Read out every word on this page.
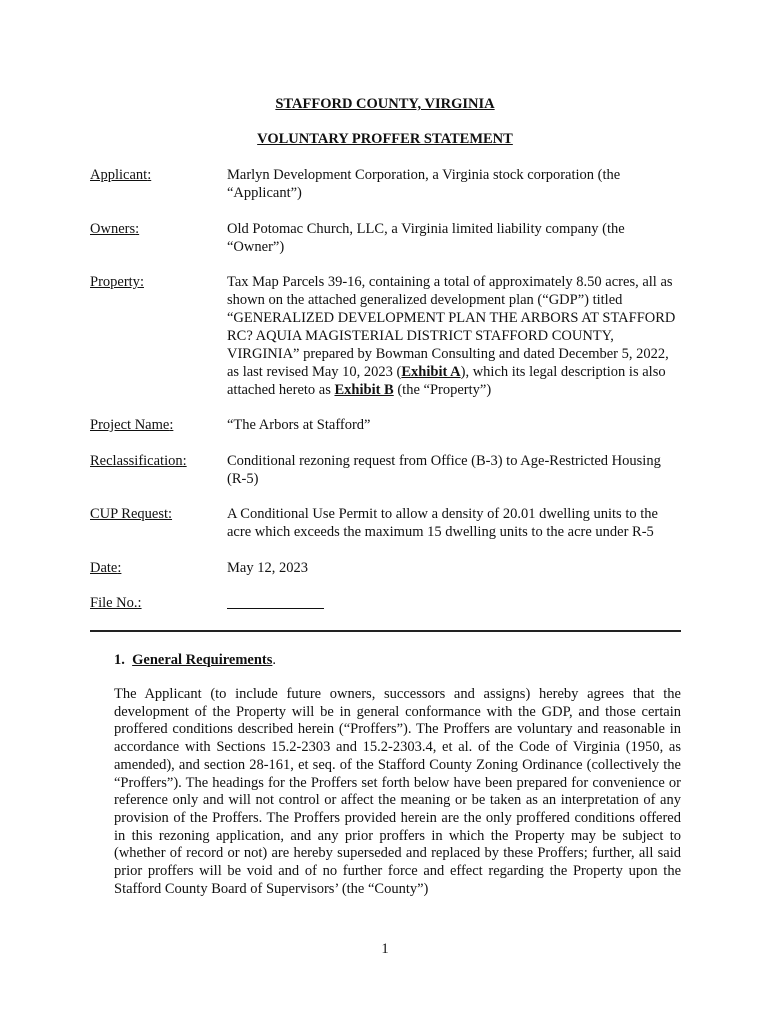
STAFFORD COUNTY, VIRGINIA
VOLUNTARY PROFFER STATEMENT
Applicant:	Marlyn Development Corporation, a Virginia stock corporation (the “Applicant”)
Owners:	Old Potomac Church, LLC, a Virginia limited liability company (the “Owner”)
Property:	Tax Map Parcels 39-16, containing a total of approximately 8.50 acres, all as shown on the attached generalized development plan (“GDP”) titled “GENERALIZED DEVELOPMENT PLAN THE ARBORS AT STAFFORD RC? AQUIA MAGISTERIAL DISTRICT STAFFORD COUNTY, VIRGINIA” prepared by Bowman Consulting and dated December 5, 2022, as last revised May 10, 2023 (Exhibit A), which its legal description is also attached hereto as Exhibit B (the “Property”)
Project Name:	“The Arbors at Stafford”
Reclassification:	Conditional rezoning request from Office (B-3) to Age-Restricted Housing (R-5)
CUP Request:	A Conditional Use Permit to allow a density of 20.01 dwelling units to the acre which exceeds the maximum 15 dwelling units to the acre under R-5
Date:	May 12, 2023
File No.:
1. General Requirements.
The Applicant (to include future owners, successors and assigns) hereby agrees that the development of the Property will be in general conformance with the GDP, and those certain proffered conditions described herein (“Proffers”). The Proffers are voluntary and reasonable in accordance with Sections 15.2-2303 and 15.2-2303.4, et al. of the Code of Virginia (1950, as amended), and section 28-161, et seq. of the Stafford County Zoning Ordinance (collectively the “Proffers”). The headings for the Proffers set forth below have been prepared for convenience or reference only and will not control or affect the meaning or be taken as an interpretation of any provision of the Proffers. The Proffers provided herein are the only proffered conditions offered in this rezoning application, and any prior proffers in which the Property may be subject to (whether of record or not) are hereby superseded and replaced by these Proffers; further, all said prior proffers will be void and of no further force and effect regarding the Property upon the Stafford County Board of Supervisors’ (the “County”)
1
